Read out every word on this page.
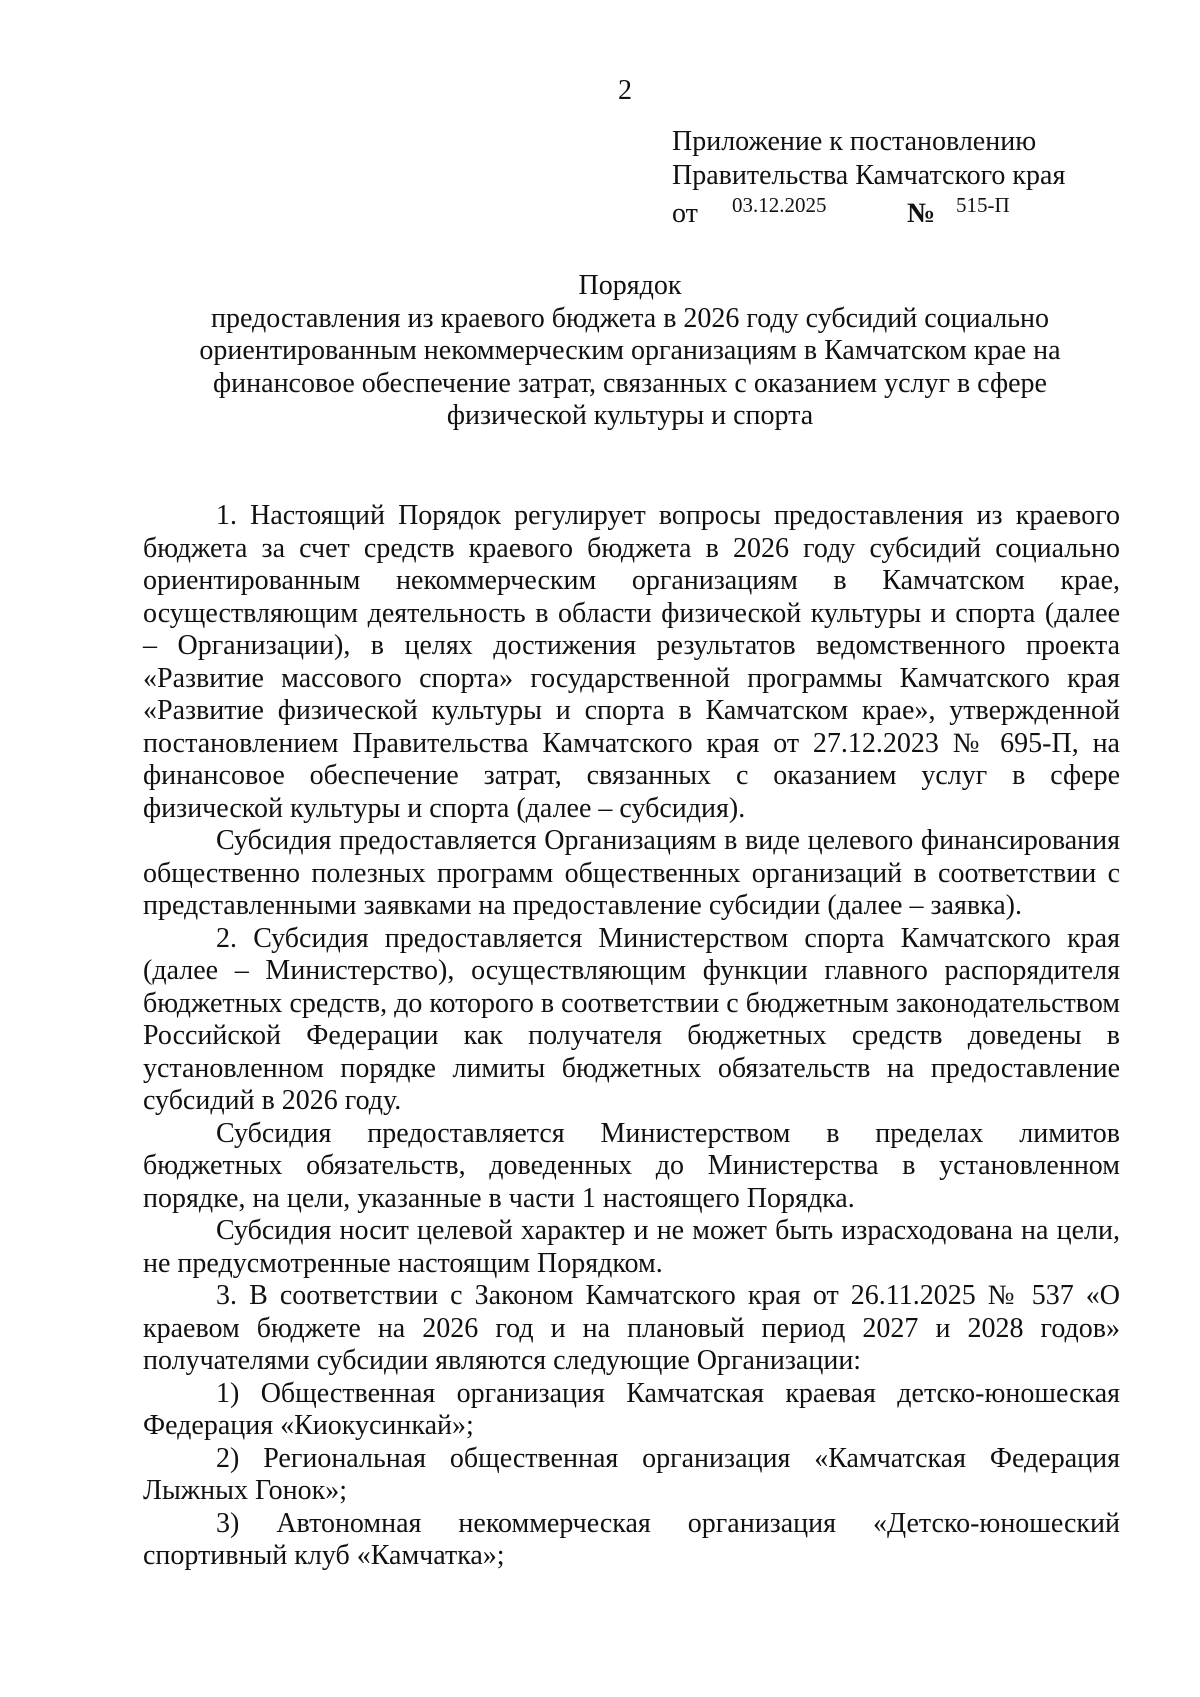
2
Приложение к постановлению
Правительства Камчатского края
от 03.12.2025	№ 515-П
Порядок
предоставления из краевого бюджета в 2026 году субсидий социально
ориентированным некоммерческим организациям в Камчатском крае на
финансовое обеспечение затрат, связанных с оказанием услуг в сфере
физической культуры и спорта

1. Настоящий Порядок регулирует вопросы предоставления из краевого бюджета за счет средств краевого бюджета в 2026 году субсидий социально ориентированным некоммерческим организациям в Камчатском крае, осуществляющим деятельность в области физической культуры и спорта (далее – Организации), в целях достижения результатов ведомственного проекта «Развитие массового спорта» государственной программы Камчатского края «Развитие физической культуры и спорта в Камчатском крае», утвержденной постановлением Правительства Камчатского края от 27.12.2023 № 695-П, на финансовое обеспечение затрат, связанных с оказанием услуг в сфере физической культуры и спорта (далее – субсидия).

Субсидия предоставляется Организациям в виде целевого финансирования общественно полезных программ общественных организаций в соответствии с представленными заявками на предоставление субсидии (далее – заявка).

2. Субсидия предоставляется Министерством спорта Камчатского края (далее – Министерство), осуществляющим функции главного распорядителя бюджетных средств, до которого в соответствии с бюджетным законодательством Российской Федерации как получателя бюджетных средств доведены в установленном порядке лимиты бюджетных обязательств на предоставление субсидий в 2026 году.

Субсидия предоставляется Министерством в пределах лимитов бюджетных обязательств, доведенных до Министерства в установленном порядке, на цели, указанные в части 1 настоящего Порядка.

Субсидия носит целевой характер и не может быть израсходована на цели, не предусмотренные настоящим Порядком.

3. В соответствии с Законом Камчатского края от 26.11.2025 № 537 «О краевом бюджете на 2026 год и на плановый период 2027 и 2028 годов» получателями субсидии являются следующие Организации:

1) Общественная организация Камчатская краевая детско-юношеская Федерация «Киокусинкай»;

2) Региональная общественная организация «Камчатская Федерация Лыжных Гонок»;

3) Автономная некоммерческая организация «Детско-юношеский спортивный клуб «Камчатка»;
